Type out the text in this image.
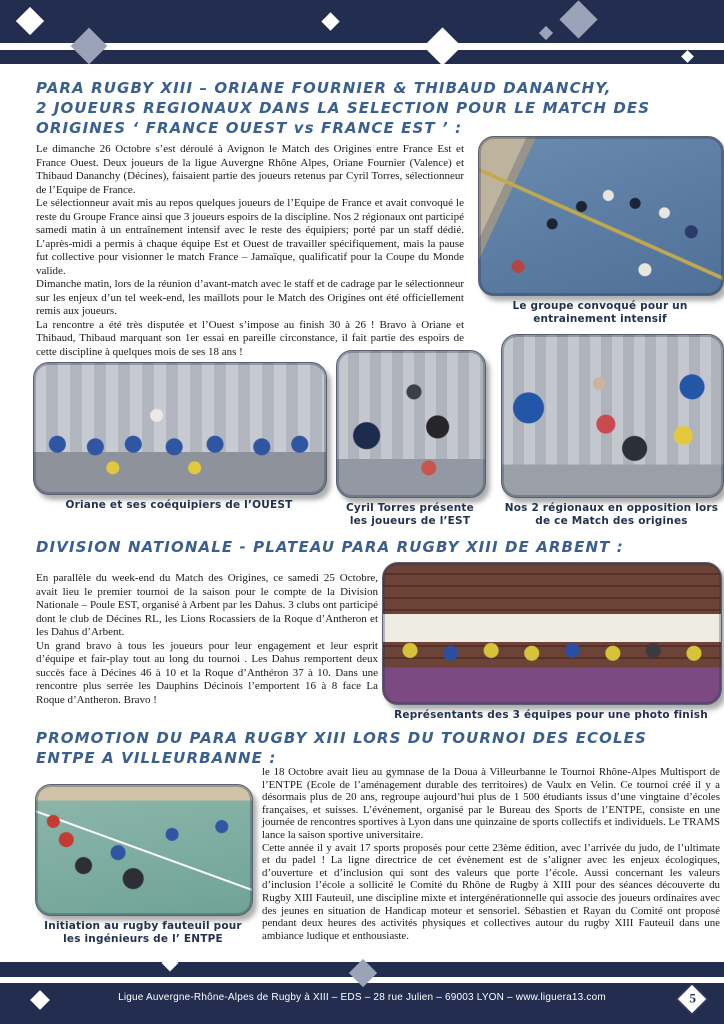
PARA RUGBY XIII – ORIANE FOURNIER & THIBAUD DANANCHY,
2 JOUEURS REGIONAUX DANS LA SELECTION POUR LE MATCH DES
ORIGINES ‘ FRANCE OUEST vs FRANCE EST ’ :

Le dimanche 26 Octobre s’est déroulé à Avignon le Match des Origines entre France Est et France Ouest. Deux joueurs de la ligue Auvergne Rhône Alpes, Oriane Fournier (Valence) et Thibaud Dananchy (Décines), faisaient partie des joueurs retenus par Cyril Torres, sélectionneur de l’Equipe de France.

Le sélectionneur avait mis au repos quelques joueurs de l’Equipe de France et avait convoqué le reste du Groupe France ainsi que 3 joueurs espoirs de la discipline. Nos 2 régionaux ont participé samedi matin à un entraînement intensif avec le reste des équipiers; porté par un staff dédié. L’après-midi a permis à chaque équipe Est et Ouest de travailler spécifiquement, mais la pause fut collective pour visionner le match France – Jamaïque, qualificatif pour la Coupe du Monde valide.

Dimanche matin, lors de la réunion d’avant-match avec le staff et de cadrage par le sélectionneur sur les enjeux d’un tel week-end, les maillots pour le Match des Origines ont été officiellement remis aux joueurs.

La rencontre a été très disputée et l’Ouest s’impose au finish 30 à 26 ! Bravo à Oriane et Thibaud, Thibaud marquant son 1er essai en pareille circonstance, il fait partie des espoirs de cette discipline à quelques mois de ses 18 ans !

Le groupe convoqué pour un entrainement intensif
Oriane et ses coéquipiers de l’OUEST	Cyril Torres présente les joueurs de l’EST
Nos 2 régionaux en opposition lors de ce Match des origines
DIVISION NATIONALE - PLATEAU PARA RUGBY XIII DE ARBENT :

En parallèle du week-end du Match des Origines, ce samedi 25 Octobre, avait lieu le premier tournoi de la saison pour le compte de la Division Nationale – Poule EST, organisé à Arbent par les Dahus. 3 clubs ont participé dont le club de Décines RL, les Lions Rocassiers de la Roque d’Antheron et les Dahus d’Arbent.

Un grand bravo à tous les joueurs pour leur engagement et leur esprit d’équipe et fair-play tout au long du tournoi . Les Dahus remportent deux succès face à Décines 46 à 10 et la Roque d’Anthéron 37 à 10. Dans une rencontre plus serrée les Dauphins Décinois l’emportent 16 à 8 face La Roque d’Antheron. Bravo !

Représentants des 3 équipes pour une photo finish
PROMOTION DU PARA RUGBY XIII LORS DU TOURNOI DES ECOLES
ENTPE A VILLEURBANNE :
Initiation au rugby fauteuil pour les ingénieurs de l’ ENTPE

le 18 Octobre avait lieu au gymnase de la Doua à Villeurbanne le Tournoi Rhône-Alpes Multisport de l’ENTPE (Ecole de l’aménagement durable des territoires) de Vaulx en Velin. Ce tournoi créé il y a désormais plus de 20 ans, regroupe aujourd’hui plus de 1 500 étudiants issus d’une vingtaine d’écoles françaises, et suisses. L’événement, organisé par le Bureau des Sports de l’ENTPE, consiste en une journée de rencontres sportives à Lyon dans une quinzaine de sports collectifs et individuels. Le TRAMS lance la saison sportive universitaire.

Cette année il y avait 17 sports proposés pour cette 23ème édition, avec l’arrivée du judo, de l’ultimate et du padel ! La ligne directrice de cet évènement est de s’aligner avec les enjeux écologiques, d’ouverture et d’inclusion qui sont des valeurs que porte l’école. Aussi concernant les valeurs d’inclusion l’école a sollicité le Comité du Rhône de Rugby à XIII pour des séances découverte du Rugby XIII Fauteuil, une discipline mixte et intergénérationnelle qui associe des joueurs ordinaires avec des jeunes en situation de Handicap moteur et sensoriel. Sébastien et Rayan du Comité ont proposé pendant deux heures des activités physiques et collectives autour du rugby XIII Fauteuil dans une ambiance ludique et enthousiaste.

Ligue Auvergne-Rhône-Alpes de Rugby à XIII – EDS – 28 rue Julien – 69003 LYON – www.liguera13.com	5
